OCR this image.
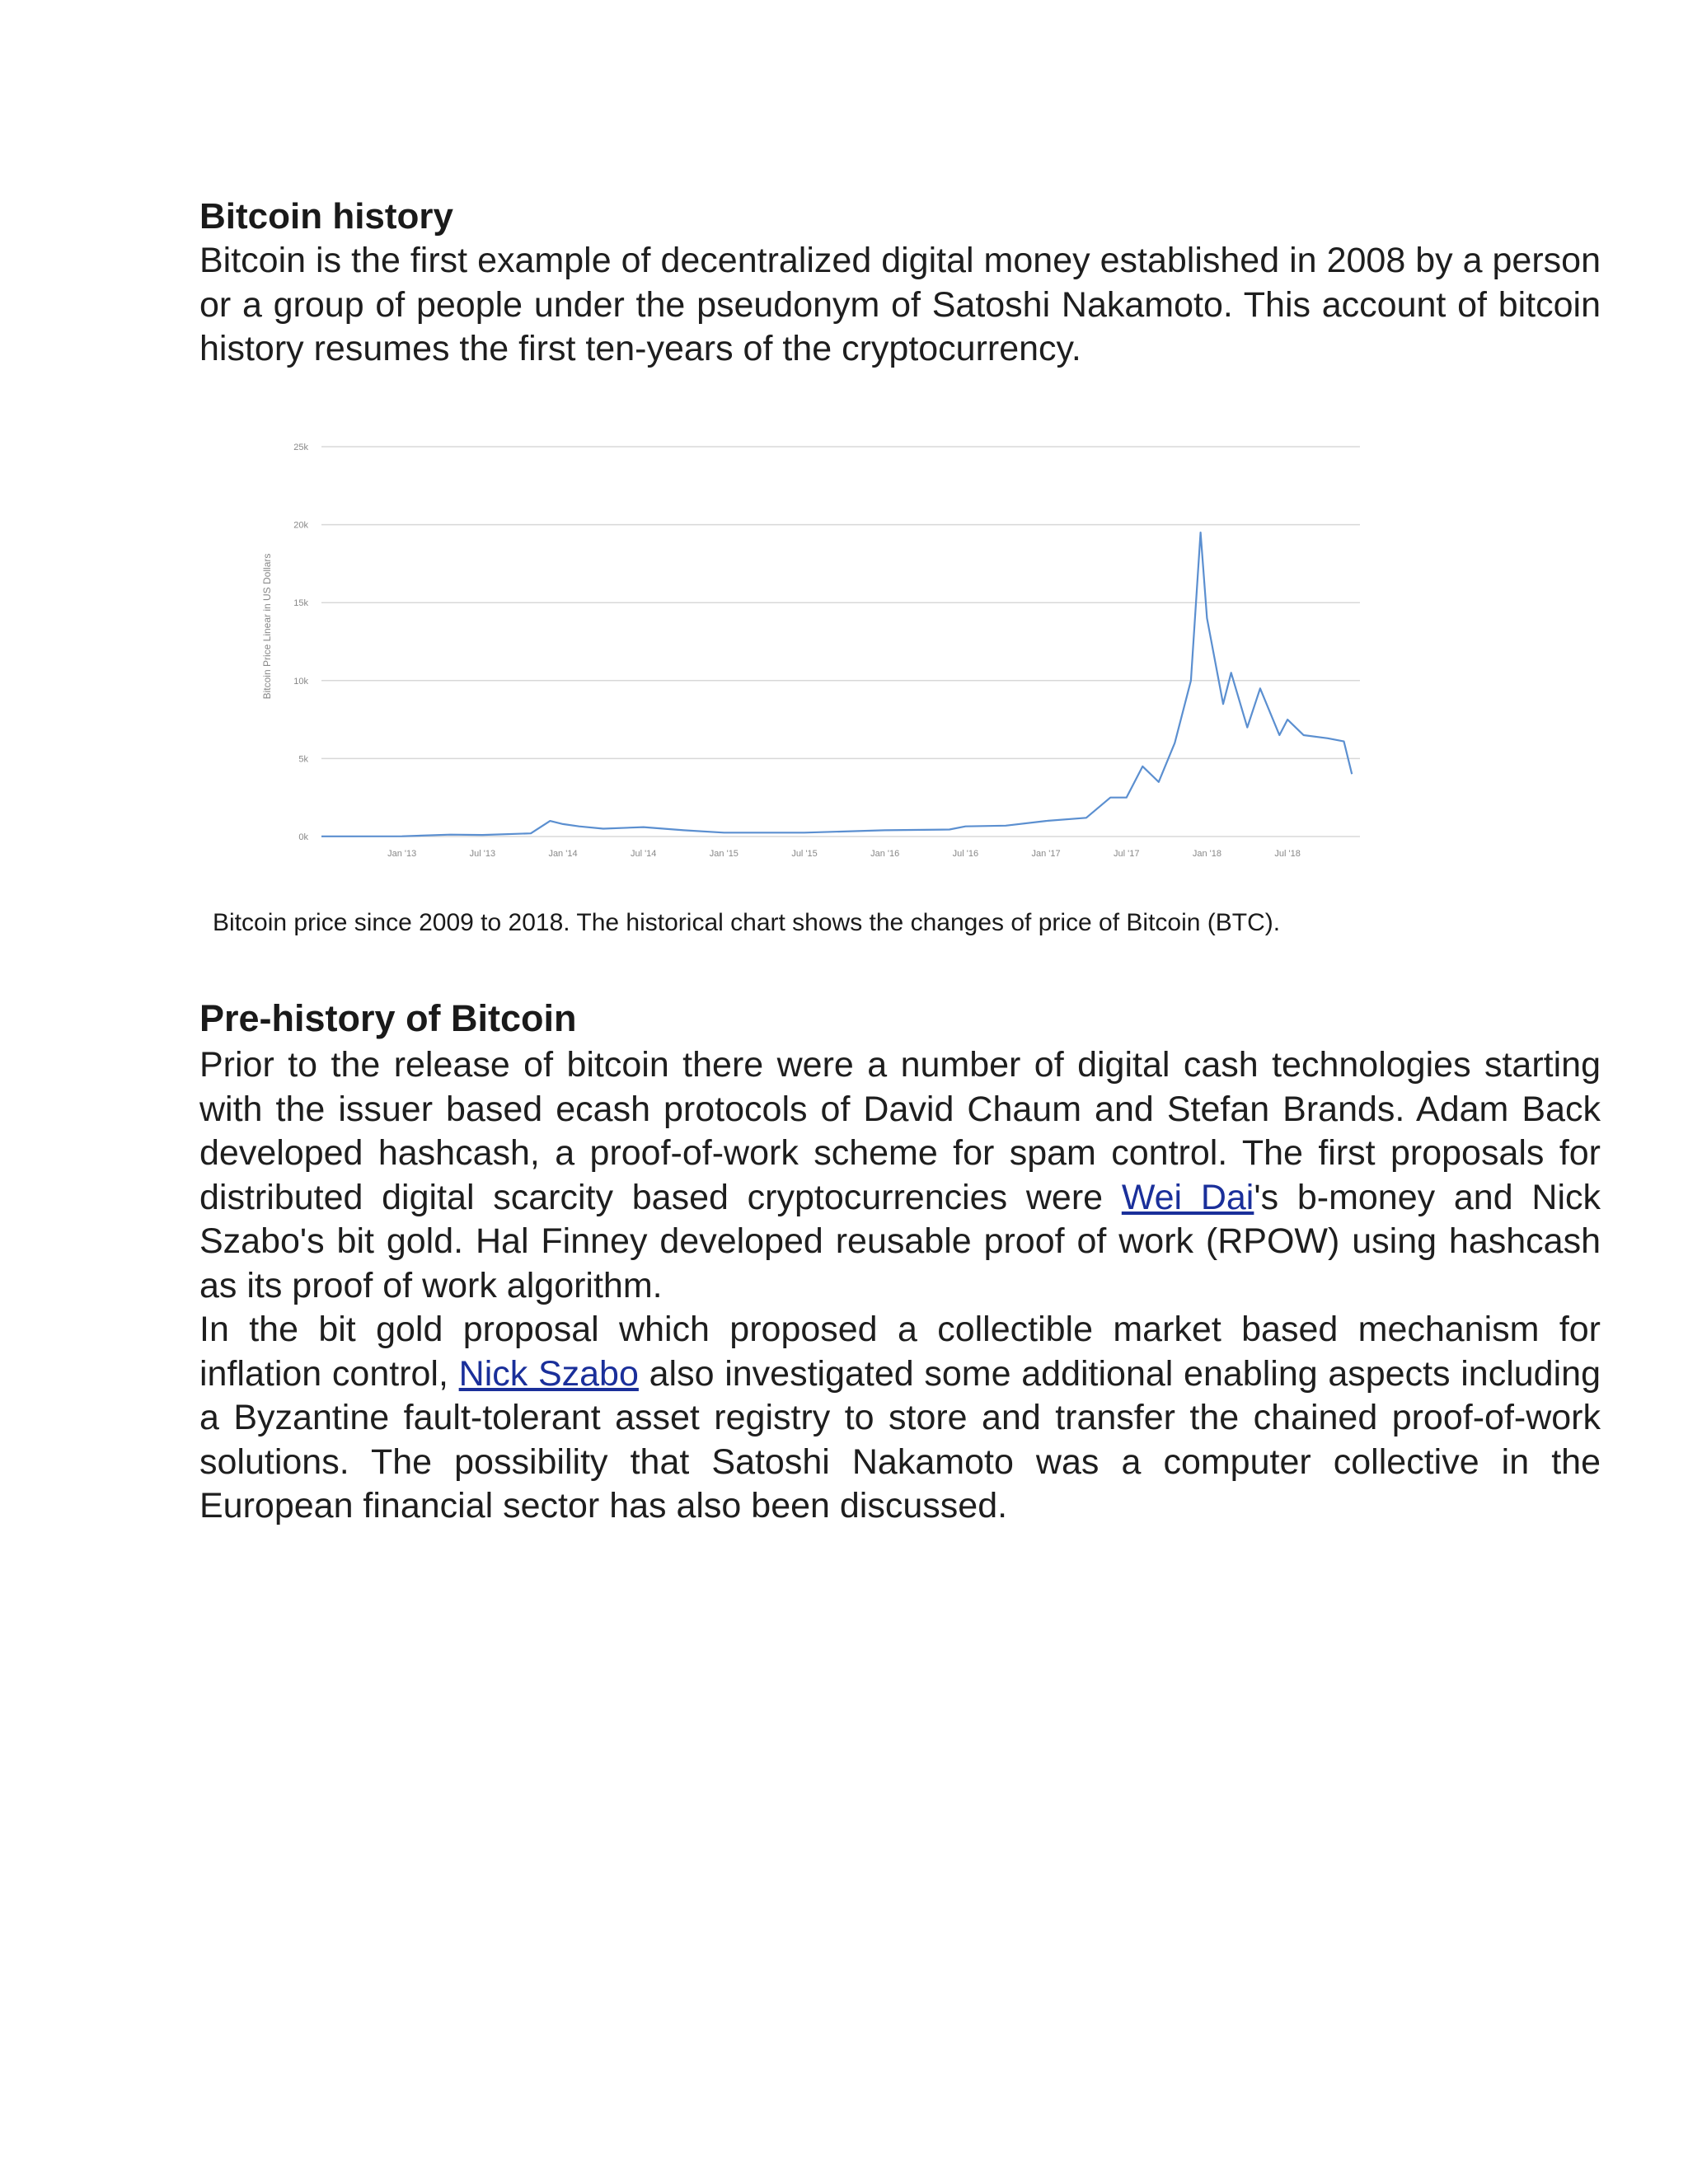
Bitcoin history

Bitcoin is the first example of decentralized digital money established in 2008 by a person or a group of people under the pseudonym of Satoshi Nakamoto. This account of bitcoin history resumes the first ten-years of the cryptocurrency.

0k
5k
10k
15k
20k
25k
Jan '13	Jul '13	Jan '14	Jul '14	Jan '15	Jul '15	Jan '16	Jul '16	Jan '17	Jul '17	Jan '18	Jul '18
Bitcoin Price Linear in US Dollars
Bitcoin price since 2009 to 2018. The historical chart shows the changes of price of Bitcoin (BTC).
Pre-history of Bitcoin

Prior to the release of bitcoin there were a number of digital cash technologies starting with the issuer based ecash protocols of David Chaum and Stefan Brands. Adam Back developed hashcash, a proof-of-work scheme for spam control. The first proposals for distributed digital scarcity based cryptocurrencies were Wei Dai's b-money and Nick Szabo's bit gold. Hal Finney developed reusable proof of work (RPOW) using hashcash as its proof of work algorithm.

In the bit gold proposal which proposed a collectible market based mechanism for inflation control, Nick Szabo also investigated some additional enabling aspects including a Byzantine fault-tolerant asset registry to store and transfer the chained proof-of-work solutions. The possibility that Satoshi Nakamoto was a computer collective in the European financial sector has also been discussed.
